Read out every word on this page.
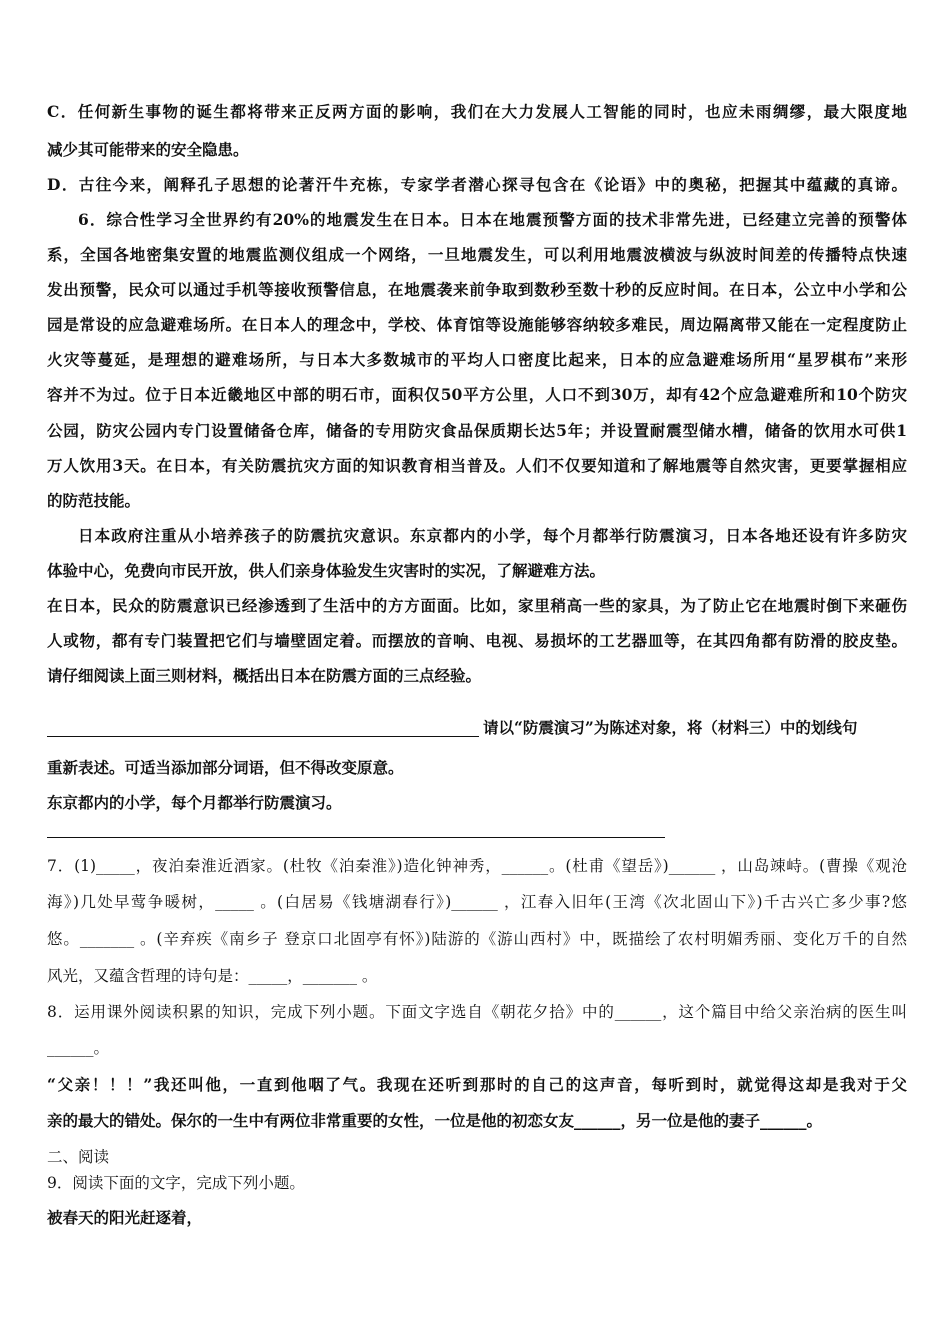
C．任何新生事物的诞生都将带来正反两方面的影响，我们在大力发展人工智能的同时，也应未雨绸缪，最大限度地
减少其可能带来的安全隐患。
D．古往今来，阐释孔子思想的论著汗牛充栋，专家学者潜心探寻包含在《论语》中的奥秘，把握其中蕴藏的真谛。
6．综合性学习全世界约有20%的地震发生在日本。日本在地震预警方面的技术非常先进，已经建立完善的预警体
系，全国各地密集安置的地震监测仪组成一个网络，一旦地震发生，可以利用地震波横波与纵波时间差的传播特点快速
发出预警，民众可以通过手机等接收预警信息，在地震袭来前争取到数秒至数十秒的反应时间。在日本，公立中小学和公
园是常设的应急避难场所。在日本人的理念中，学校、体育馆等设施能够容纳较多难民，周边隔离带又能在一定程度防止
火灾等蔓延，是理想的避难场所，与日本大多数城市的平均人口密度比起来，日本的应急避难场所用“星罗棋布”来形
容并不为过。位于日本近畿地区中部的明石市，面积仅50平方公里，人口不到30万，却有42个应急避难所和10个防灾
公园，防灾公园内专门设置储备仓库，储备的专用防灾食品保质期长达5年；并设置耐震型储水槽，储备的饮用水可供1
万人饮用3天。在日本，有关防震抗灾方面的知识教育相当普及。人们不仅要知道和了解地震等自然灾害，更要掌握相应
的防范技能。
日本政府注重从小培养孩子的防震抗灾意识。东京都内的小学，每个月都举行防震演习，日本各地还设有许多防灾
体验中心，免费向市民开放，供人们亲身体验发生灾害时的实况，了解避难方法。
在日本，民众的防震意识已经渗透到了生活中的方方面面。比如，家里稍高一些的家具，为了防止它在地震时倒下来砸伤
人或物，都有专门装置把它们与墙壁固定着。而摆放的音响、电视、易损坏的工艺器皿等，在其四角都有防滑的胶皮垫。
请仔细阅读上面三则材料，概括出日本在防震方面的三点经验。
请以“防震演习”为陈述对象，将（材料三）中的划线句
重新表述。可适当添加部分词语，但不得改变原意。
东京都内的小学，每个月都举行防震演习。
7．(1)_____，夜泊秦淮近酒家。(杜牧《泊秦淮》)造化钟神秀，______。(杜甫《望岳》)______ ，山岛竦峙。(曹操《观沧
海》)几处早莺争暖树，_____ 。(白居易《钱塘湖春行》)______ ，江春入旧年(王湾《次北固山下》)千古兴亡多少事?悠
悠。_______ 。(辛弃疾《南乡子 登京口北固亭有怀》)陆游的《游山西村》中，既描绘了农村明媚秀丽、变化万千的自然
风光，又蕴含哲理的诗句是：_____，_______ 。
8．运用课外阅读积累的知识，完成下列小题。下面文字选自《朝花夕拾》中的______，这个篇目中给父亲治病的医生叫
______。
“父亲！！！”我还叫他，一直到他咽了气。我现在还听到那时的自己的这声音，每听到时，就觉得这却是我对于父
亲的最大的错处。保尔的一生中有两位非常重要的女性，一位是他的初恋女友______，另一位是他的妻子______。
二、阅读
9．阅读下面的文字，完成下列小题。
被春天的阳光赶逐着，
